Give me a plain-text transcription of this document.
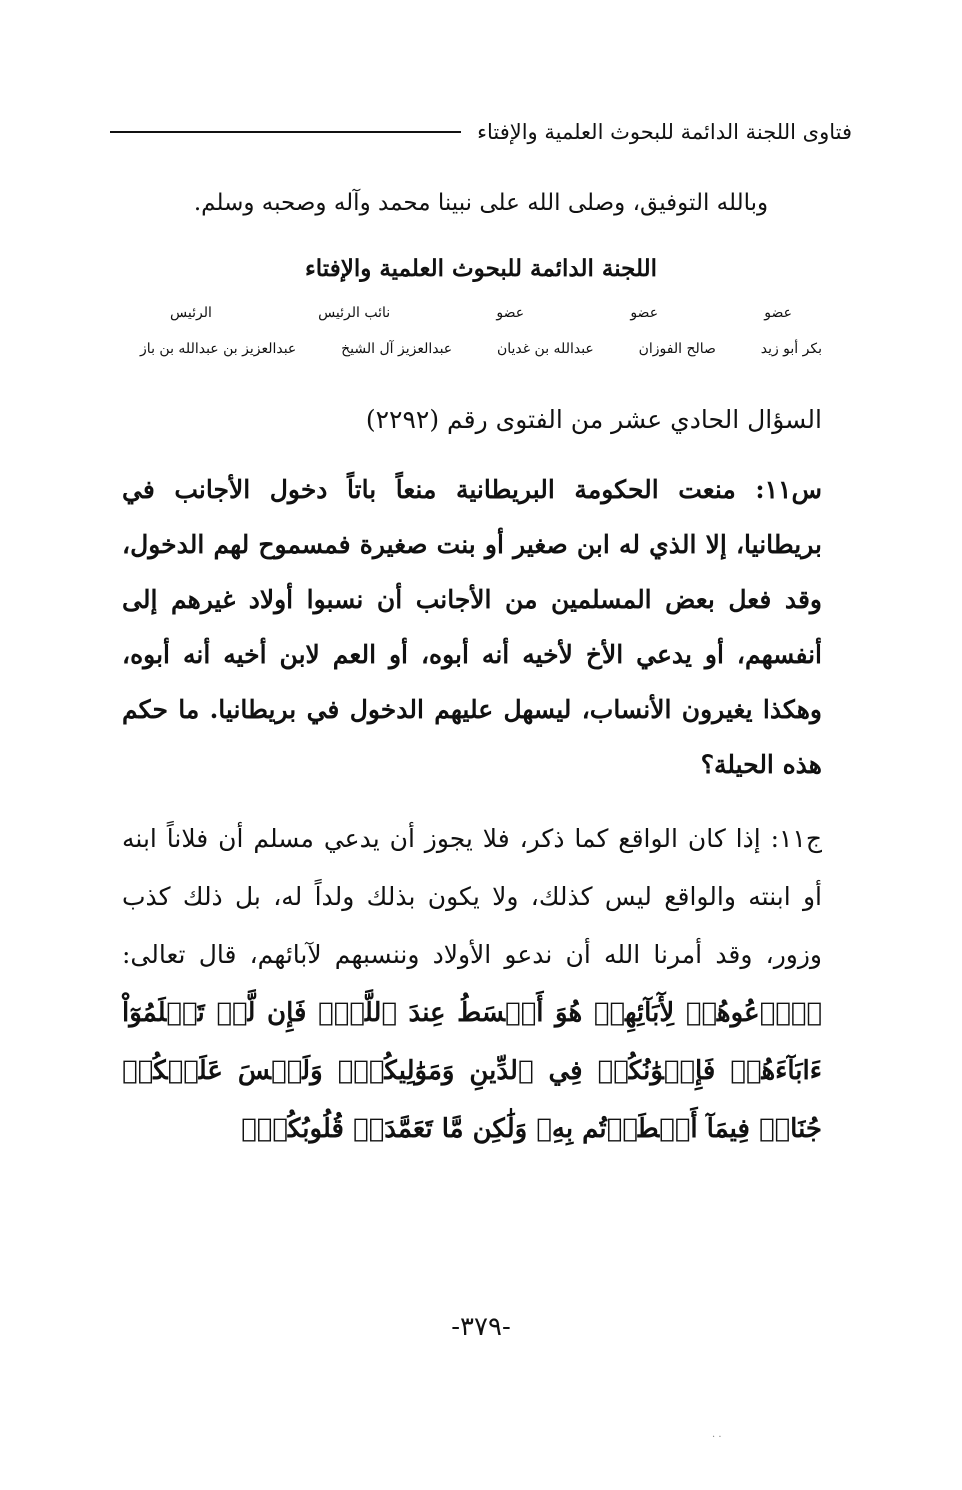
فتاوى اللجنة الدائمة للبحوث العلمية والإفتاء
وبالله التوفيق، وصلى الله على نبينا محمد وآله وصحبه وسلم.
اللجنة الدائمة للبحوث العلمية والإفتاء
عضو
عضو
عضو
نائب الرئيس
الرئيس
بكر أبو زيد
صالح الفوزان
عبدالله بن غديان
عبدالعزيز آل الشيخ
عبدالعزيز بن عبدالله بن باز
السؤال الحادي عشر من الفتوى رقم (٢٢٩٢)
س١١: منعت الحكومة البريطانية منعاً باتاً دخول الأجانب في بريطانيا، إلا الذي له ابن صغير أو بنت صغيرة فمسموح لهم الدخول، وقد فعل بعض المسلمين من الأجانب أن نسبوا أولاد غيرهم إلى أنفسهم، أو يدعي الأخ لأخيه أنه أبوه، أو العم لابن أخيه أنه أبوه، وهكذا يغيرون الأنساب، ليسهل عليهم الدخول في بريطانيا. ما حكم هذه الحيلة؟
ج١١: إذا كان الواقع كما ذكر، فلا يجوز أن يدعي مسلم أن فلاناً ابنه أو ابنته والواقع ليس كذلك، ولا يكون بذلك ولداً له، بل ذلك كذب وزور، وقد أمرنا الله أن ندعو الأولاد وننسبهم لآبائهم، قال تعالى: ﴿ٱدۡعُوهُمۡ لِأٓبَآئِهِمۡ هُوَ أَقۡسَطُ عِندَ ٱللَّهِۚ فَإِن لَّمۡ تَعۡلَمُوٓاْ ءَابَآءَهُمۡ فَإِخۡوَٰنُكُمۡ فِي ٱلدِّينِ وَمَوَٰلِيكُمۡۚ وَلَيۡسَ عَلَيۡكُمۡ جُنَاحٞ فِيمَآ أَخۡطَأۡتُم بِهِۦ وَلَٰكِن مَّا تَعَمَّدَتۡ قُلُوبُكُمۡۚ
-٣٧٩-
· ·
